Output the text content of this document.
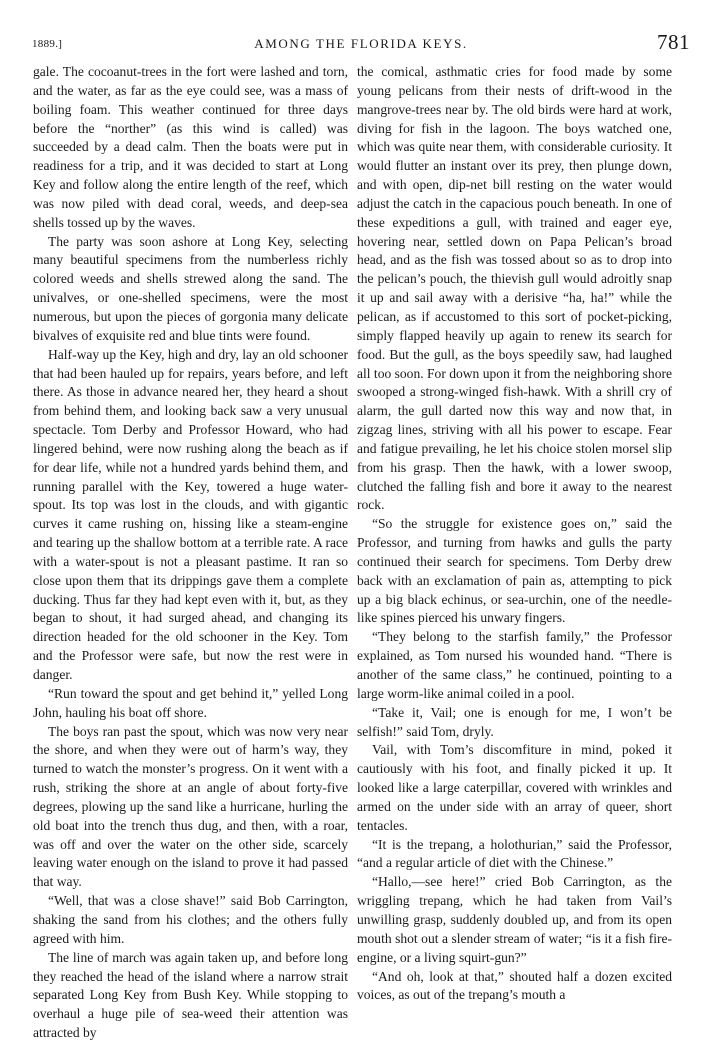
1889.]	AMONG THE FLORIDA KEYS.	781

gale. The cocoanut-trees in the fort were lashed and torn, and the water, as far as the eye could see, was a mass of boiling foam. This weather continued for three days before the “norther” (as this wind is called) was succeeded by a dead calm. Then the boats were put in readiness for a trip, and it was decided to start at Long Key and follow along the entire length of the reef, which was now piled with dead coral, weeds, and deep-sea shells tossed up by the waves.

The party was soon ashore at Long Key, selecting many beautiful specimens from the numberless richly colored weeds and shells strewed along the sand. The univalves, or one-shelled specimens, were the most numerous, but upon the pieces of gorgonia many delicate bivalves of exquisite red and blue tints were found.

Half-way up the Key, high and dry, lay an old schooner that had been hauled up for repairs, years before, and left there. As those in advance neared her, they heard a shout from behind them, and looking back saw a very unusual spectacle. Tom Derby and Professor Howard, who had lingered behind, were now rushing along the beach as if for dear life, while not a hundred yards behind them, and running parallel with the Key, towered a huge water-spout. Its top was lost in the clouds, and with gigantic curves it came rushing on, hissing like a steam-engine and tearing up the shallow bottom at a terrible rate. A race with a water-spout is not a pleasant pastime. It ran so close upon them that its drippings gave them a complete ducking. Thus far they had kept even with it, but, as they began to shout, it had surged ahead, and changing its direction headed for the old schooner in the Key. Tom and the Professor were safe, but now the rest were in danger.

“Run toward the spout and get behind it,” yelled Long John, hauling his boat off shore.

The boys ran past the spout, which was now very near the shore, and when they were out of harm’s way, they turned to watch the monster’s progress. On it went with a rush, striking the shore at an angle of about forty-five degrees, plowing up the sand like a hurricane, hurling the old boat into the trench thus dug, and then, with a roar, was off and over the water on the other side, scarcely leaving water enough on the island to prove it had passed that way.

“Well, that was a close shave!” said Bob Carrington, shaking the sand from his clothes; and the others fully agreed with him.

The line of march was again taken up, and before long they reached the head of the island where a narrow strait separated Long Key from Bush Key. While stopping to overhaul a huge pile of sea-weed their attention was attracted by

the comical, asthmatic cries for food made by some young pelicans from their nests of drift-wood in the mangrove-trees near by. The old birds were hard at work, diving for fish in the lagoon. The boys watched one, which was quite near them, with considerable curiosity. It would flutter an instant over its prey, then plunge down, and with open, dip-net bill resting on the water would adjust the catch in the capacious pouch beneath. In one of these expeditions a gull, with trained and eager eye, hovering near, settled down on Papa Pelican’s broad head, and as the fish was tossed about so as to drop into the pelican’s pouch, the thievish gull would adroitly snap it up and sail away with a derisive “ha, ha!” while the pelican, as if accustomed to this sort of pocket-picking, simply flapped heavily up again to renew its search for food. But the gull, as the boys speedily saw, had laughed all too soon. For down upon it from the neighboring shore swooped a strong-winged fish-hawk. With a shrill cry of alarm, the gull darted now this way and now that, in zigzag lines, striving with all his power to escape. Fear and fatigue prevailing, he let his choice stolen morsel slip from his grasp. Then the hawk, with a lower swoop, clutched the falling fish and bore it away to the nearest rock.

“So the struggle for existence goes on,” said the Professor, and turning from hawks and gulls the party continued their search for specimens. Tom Derby drew back with an exclamation of pain as, attempting to pick up a big black echinus, or sea-urchin, one of the needle-like spines pierced his unwary fingers.

“They belong to the starfish family,” the Professor explained, as Tom nursed his wounded hand. “There is another of the same class,” he continued, pointing to a large worm-like animal coiled in a pool.

“Take it, Vail; one is enough for me, I won’t be selfish!” said Tom, dryly.

Vail, with Tom’s discomfiture in mind, poked it cautiously with his foot, and finally picked it up. It looked like a large caterpillar, covered with wrinkles and armed on the under side with an array of queer, short tentacles.

“It is the trepang, a holothurian,” said the Professor, “and a regular article of diet with the Chinese.”

“Hallo,—see here!” cried Bob Carrington, as the wriggling trepang, which he had taken from Vail’s unwilling grasp, suddenly doubled up, and from its open mouth shot out a slender stream of water; “is it a fish fire-engine, or a living squirt-gun?”

“And oh, look at that,” shouted half a dozen excited voices, as out of the trepang’s mouth a
